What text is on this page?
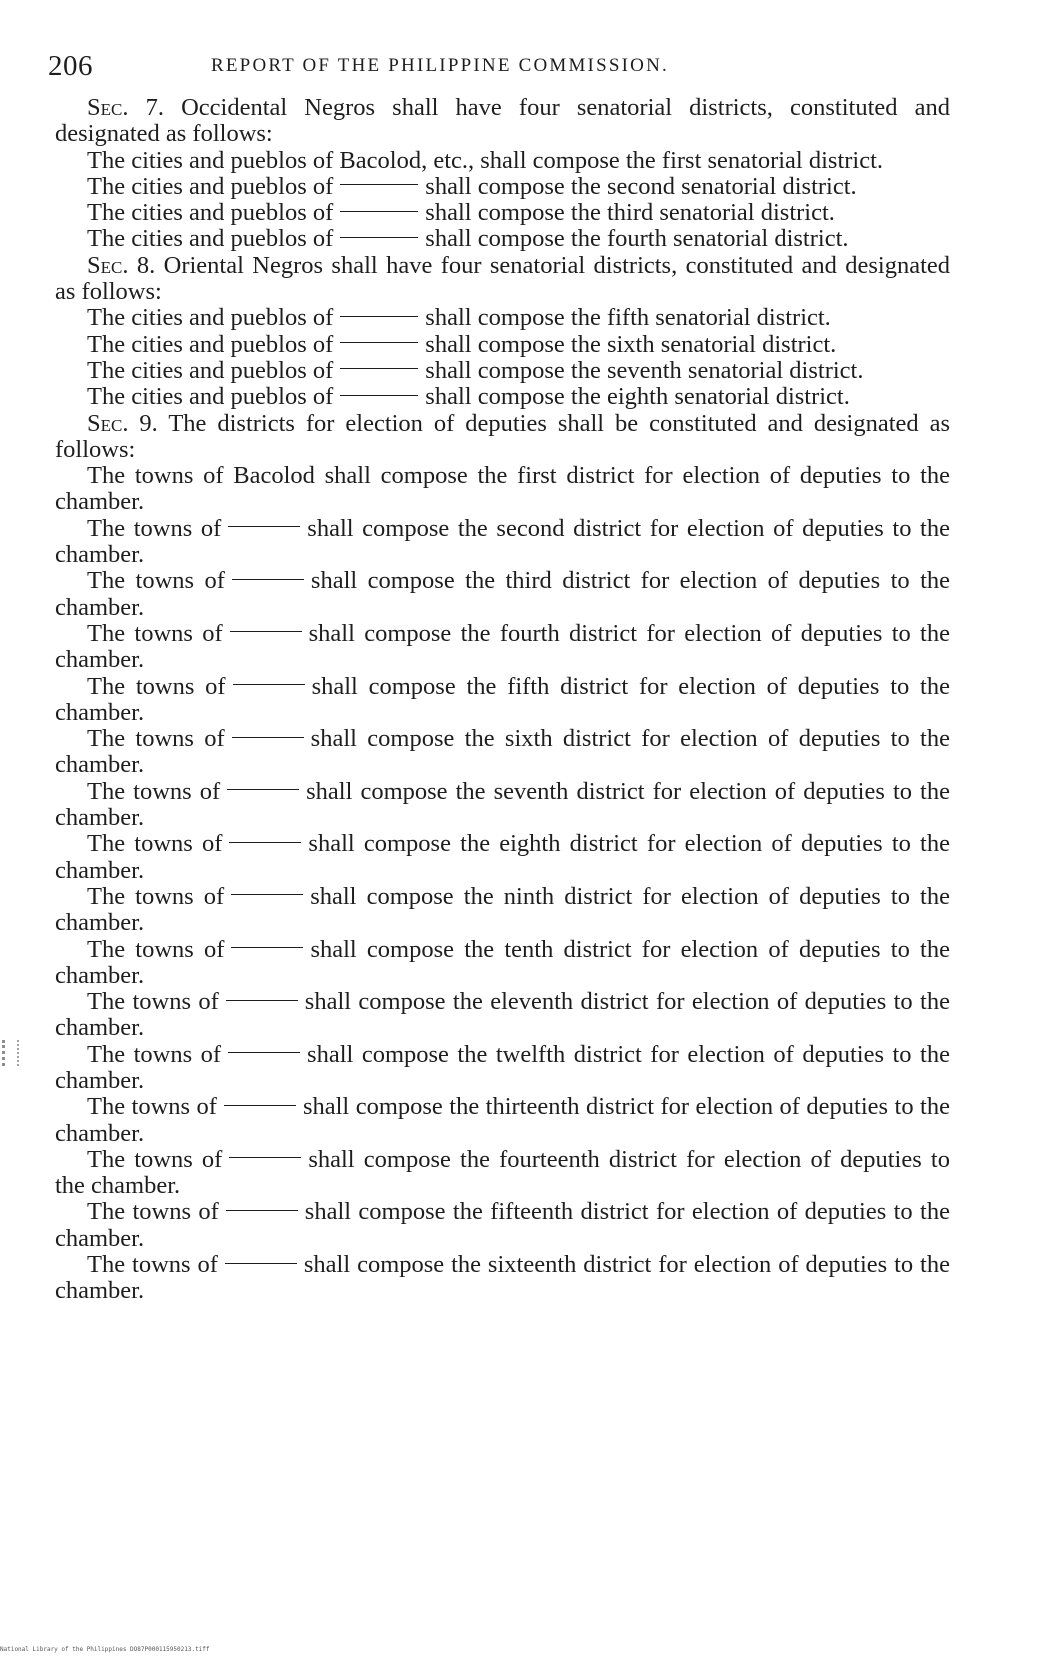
206	REPORT OF THE PHILIPPINE COMMISSION.

Sec. 7. Occidental Negros shall have four senatorial districts, constituted and designated as follows:

The cities and pueblos of Bacolod, etc., shall compose the first senatorial district.

The cities and pueblos of	shall compose the second senatorial district.

The cities and pueblos of	shall compose the third senatorial district.

The cities and pueblos of	shall compose the fourth senatorial district.

Sec. 8. Oriental Negros shall have four senatorial districts, constituted and designated as follows:

The cities and pueblos of	shall compose the fifth senatorial district.

The cities and pueblos of	shall compose the sixth senatorial district.

The cities and pueblos of	shall compose the seventh senatorial district.

The cities and pueblos of	shall compose the eighth senatorial district.

Sec. 9. The districts for election of deputies shall be constituted and designated as follows:

The towns of Bacolod shall compose the first district for election of deputies to the chamber.

The towns of	shall compose the second district for election of deputies to the chamber.

The towns of	shall compose the third district for election of deputies to the chamber.

The towns of	shall compose the fourth district for election of deputies to the chamber.

The towns of	shall compose the fifth district for election of deputies to the chamber.

The towns of	shall compose the sixth district for election of deputies to the chamber.

The towns of	shall compose the seventh district for election of deputies to the chamber.

The towns of	shall compose the eighth district for election of deputies to the chamber.

The towns of	shall compose the ninth district for election of deputies to the chamber.

The towns of	shall compose the tenth district for election of deputies to the chamber.

The towns of	shall compose the eleventh district for election of deputies to the chamber.

The towns of	shall compose the twelfth district for election of deputies to the chamber.

The towns of	shall compose the thirteenth district for election of deputies to the chamber.

The towns of	shall compose the fourteenth district for election of deputies to the chamber.

The towns of	shall compose the fifteenth district for election of deputies to the chamber.

The towns of	shall compose the sixteenth district for election of deputies to the chamber.

National Library of the Philippines DO87P000115950213.tiff
